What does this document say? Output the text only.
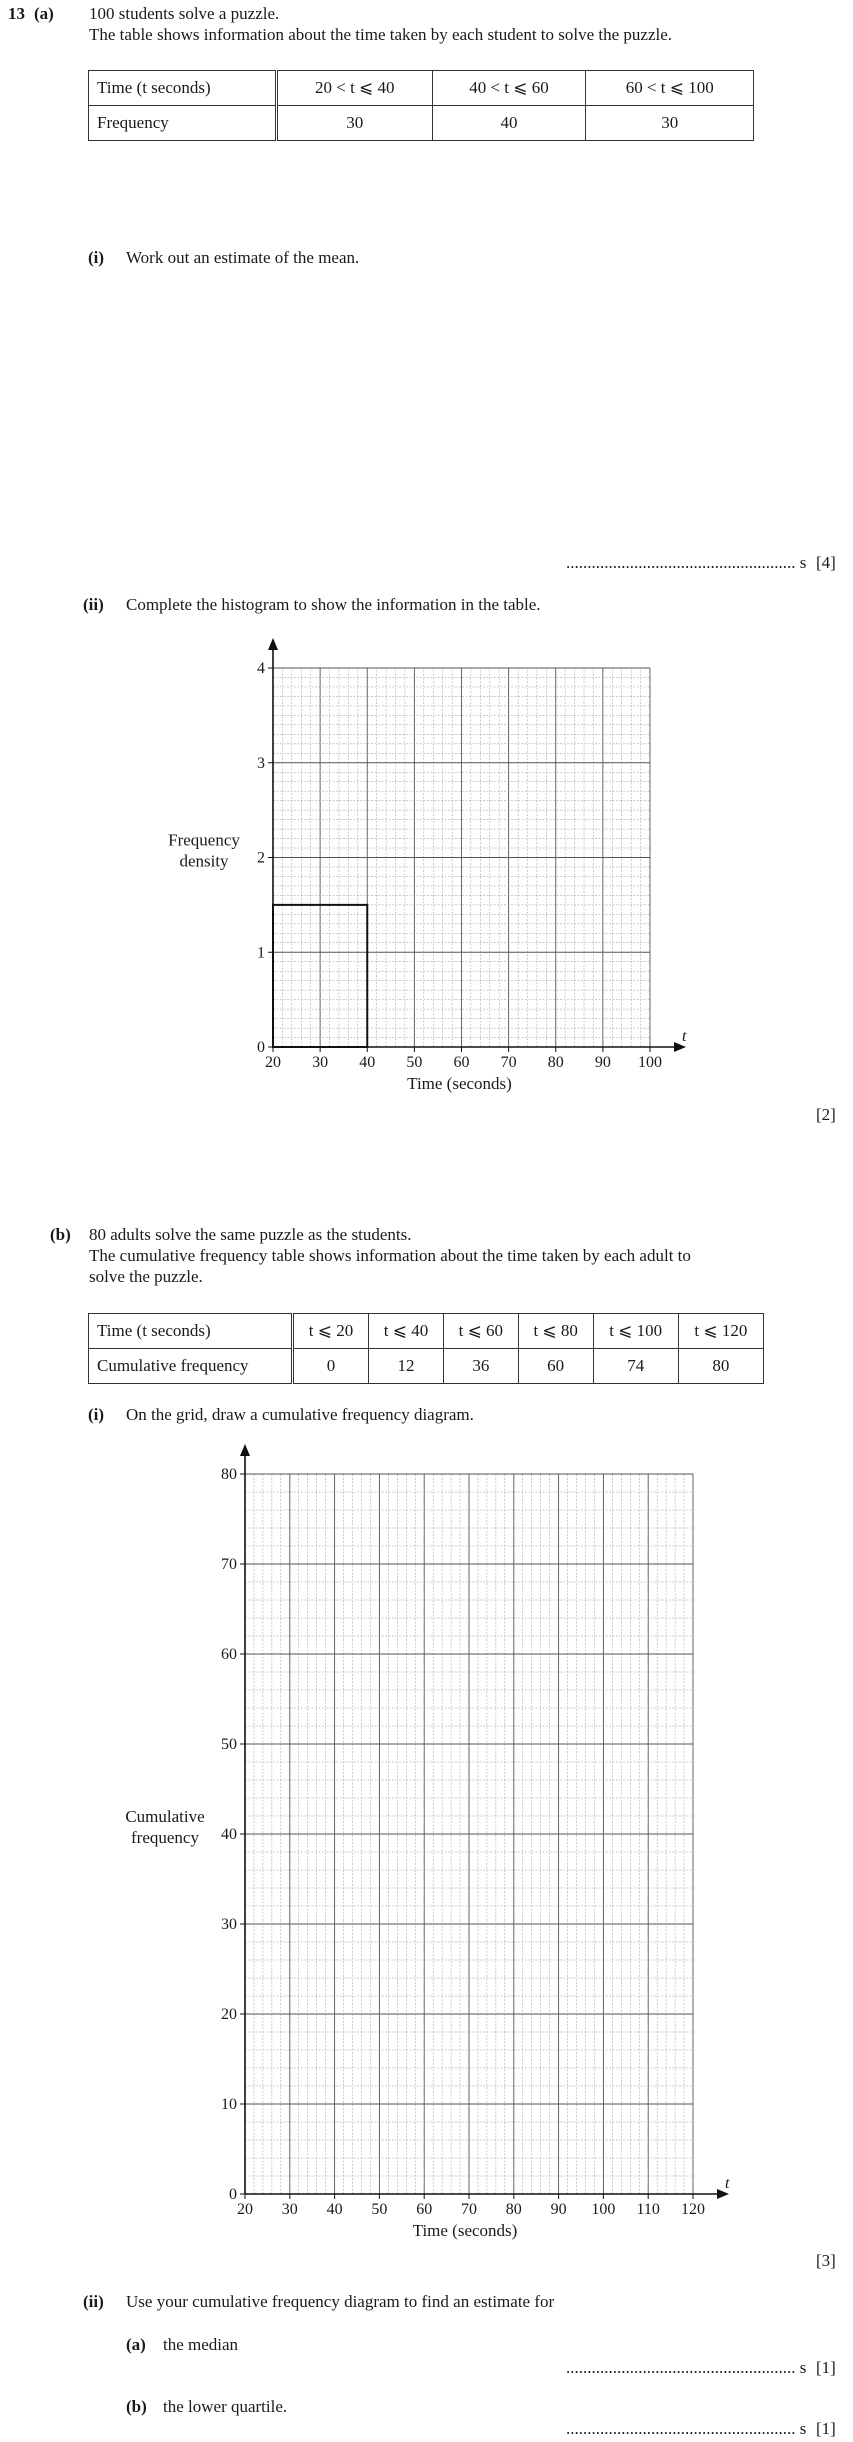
13 (a) 100 students solve a puzzle.
The table shows information about the time taken by each student to solve the puzzle.
Time (t seconds)	20 < t ⩽ 40	40 < t ⩽ 60	60 < t ⩽ 100
Frequency	30	40	30
(i) Work out an estimate of the mean.
...................................................... s [4]
(ii) Complete the histogram to show the information in the table.
20 30 40 50 60 70 80 90 100
0
1
2
3
4
t
Time (seconds)
Frequency
density
[2]
(b) 80 adults solve the same puzzle as the students.
The cumulative frequency table shows information about the time taken by each adult to
solve the puzzle.
Time (t seconds)	t ⩽ 20	t ⩽ 40	t ⩽ 60	t ⩽ 80	t ⩽ 100	t ⩽ 120
Cumulative frequency	0	12	36	60	74	80
(i) On the grid, draw a cumulative frequency diagram.
20 30 40 50 60 70 80 90 100 110 120
0
10
20
30
40
50
60
70
80
t
Time (seconds)
Cumulative
frequency
[3]
(ii) Use your cumulative frequency diagram to find an estimate for
(a) the median
...................................................... s [1]
(b) the lower quartile.
...................................................... s [1]
